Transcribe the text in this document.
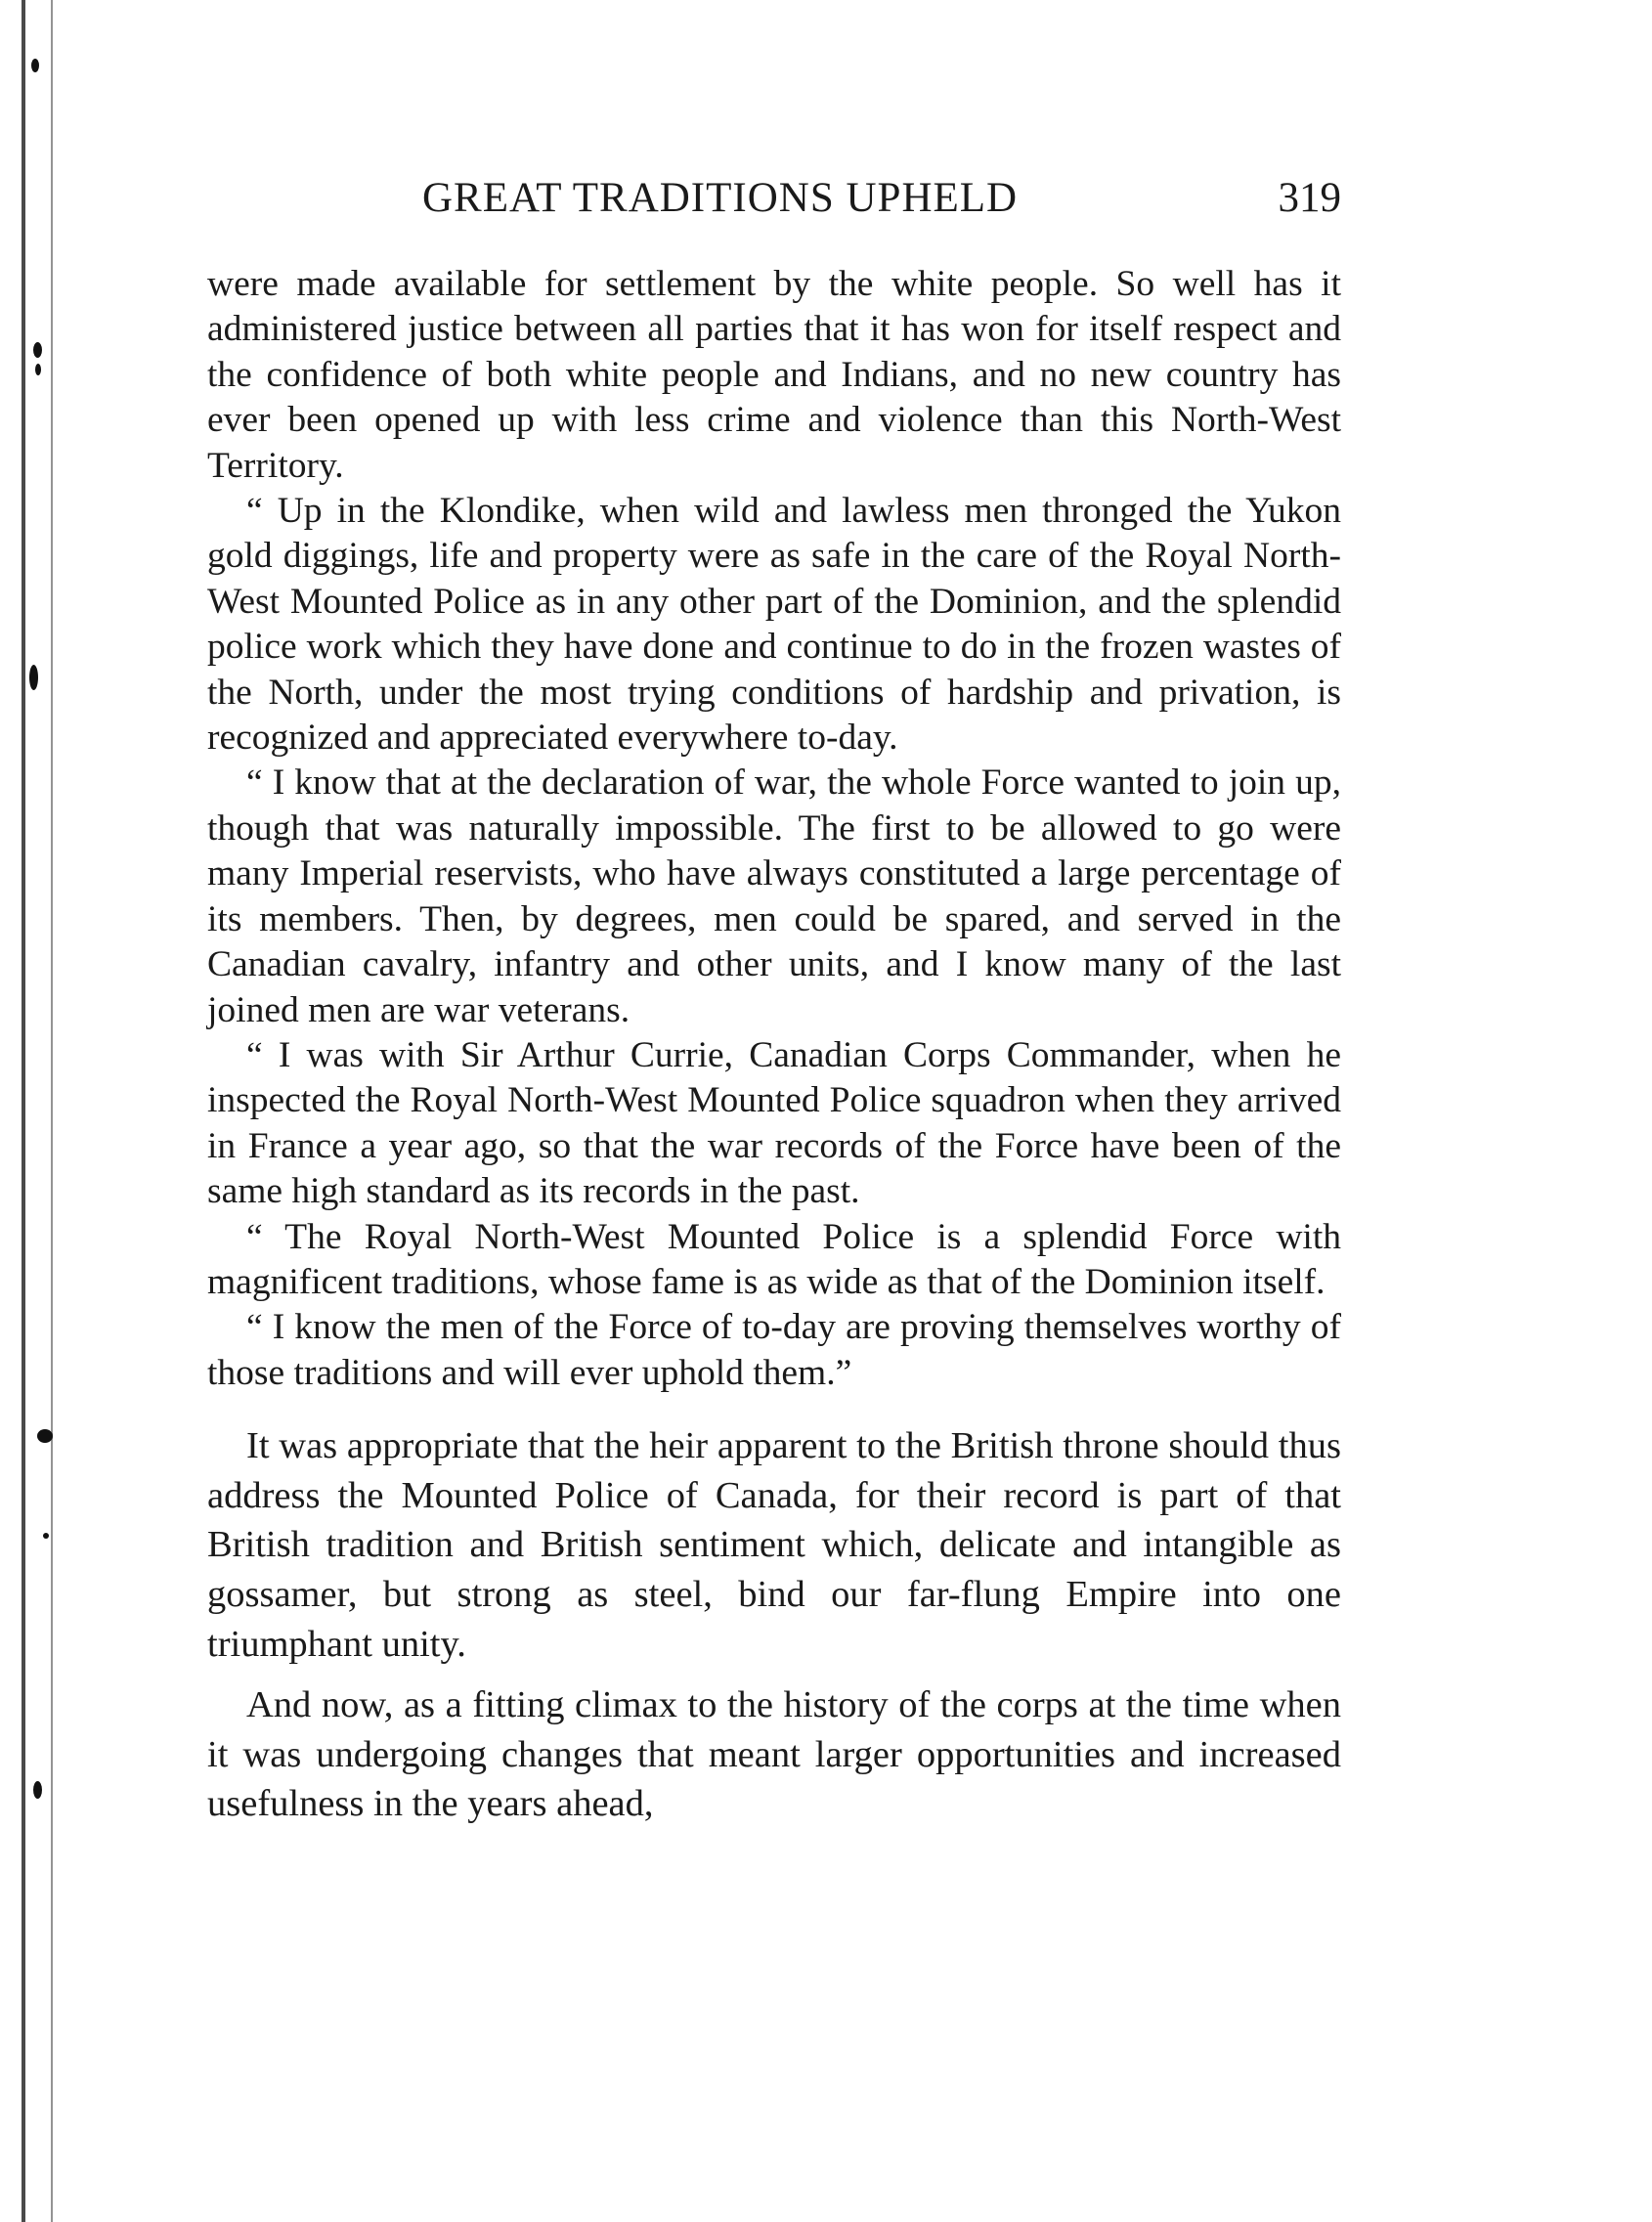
GREAT TRADITIONS UPHELD	319

were made available for settlement by the white people. So well has it administered justice between all parties that it has won for itself respect and the confidence of both white people and Indians, and no new country has ever been opened up with less crime and violence than this North-West Territory.

“ Up in the Klondike, when wild and lawless men thronged the Yukon gold diggings, life and property were as safe in the care of the Royal North-West Mounted Police as in any other part of the Dominion, and the splendid police work which they have done and continue to do in the frozen wastes of the North, under the most trying conditions of hardship and privation, is recognized and appreciated everywhere to-day.

“ I know that at the declaration of war, the whole Force wanted to join up, though that was naturally impossible. The first to be allowed to go were many Imperial reservists, who have always constituted a large percentage of its members. Then, by degrees, men could be spared, and served in the Canadian cavalry, infantry and other units, and I know many of the last joined men are war veterans.

“ I was with Sir Arthur Currie, Canadian Corps Commander, when he inspected the Royal North-West Mounted Police squadron when they arrived in France a year ago, so that the war records of the Force have been of the same high standard as its records in the past.

“ The Royal North-West Mounted Police is a splendid Force with magnificent traditions, whose fame is as wide as that of the Dominion itself.

“ I know the men of the Force of to-day are proving themselves worthy of those traditions and will ever uphold them.”

It was appropriate that the heir apparent to the British throne should thus address the Mounted Police of Canada, for their record is part of that British tradition and British sentiment which, delicate and intangible as gossamer, but strong as steel, bind our far-flung Empire into one triumphant unity.

And now, as a fitting climax to the history of the corps at the time when it was undergoing changes that meant larger opportunities and increased usefulness in the years ahead,
